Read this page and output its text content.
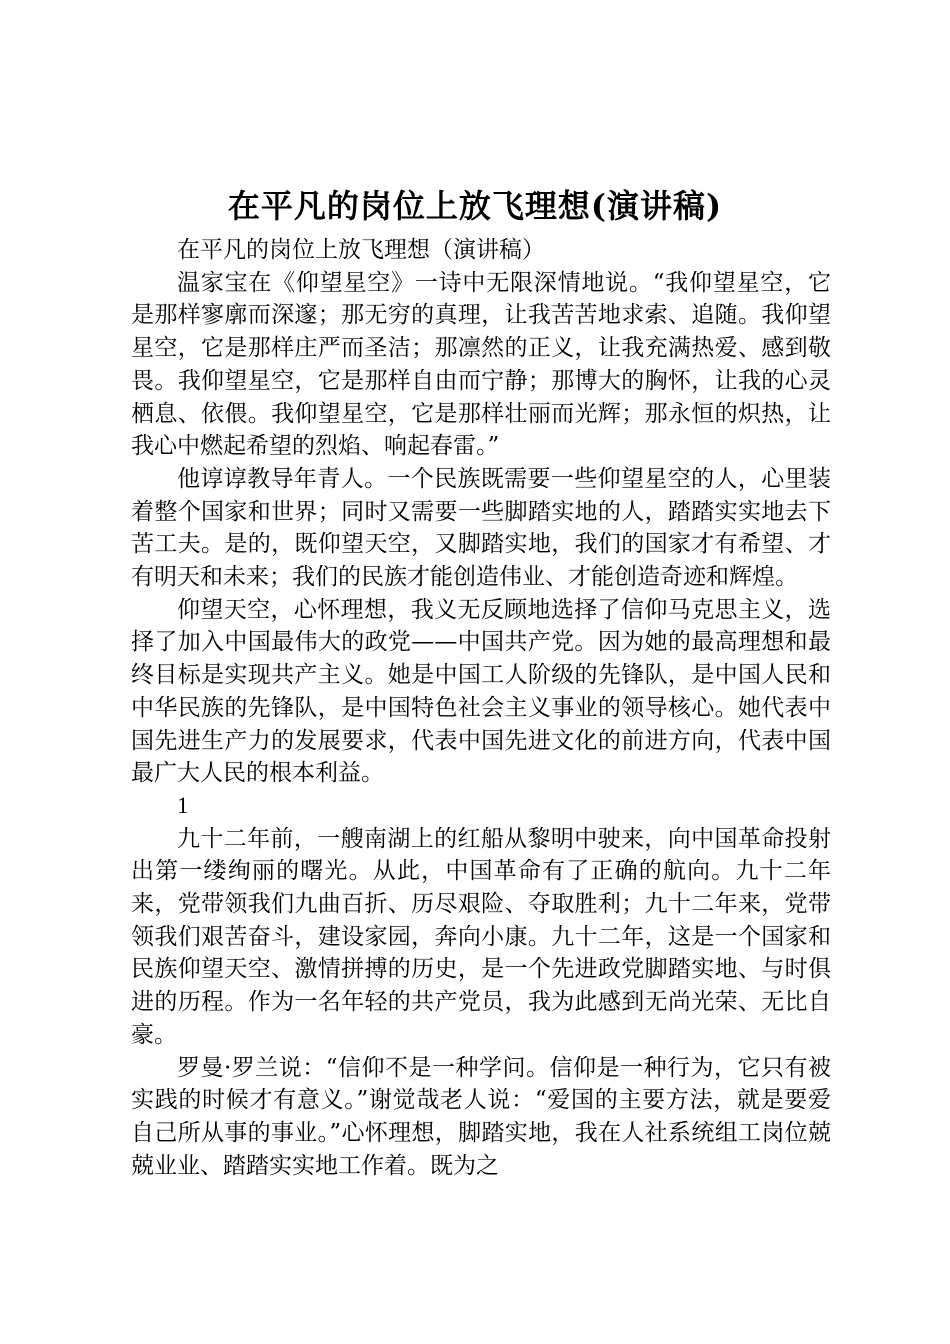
在平凡的岗位上放飞理想(演讲稿)

在平凡的岗位上放飞理想（演讲稿）

温家宝在《仰望星空》一诗中无限深情地说。“我仰望星空，它是那样寥廓而深邃；那无穷的真理，让我苦苦地求索、追随。我仰望星空，它是那样庄严而圣洁；那凛然的正义，让我充满热爱、感到敬畏。我仰望星空，它是那样自由而宁静；那博大的胸怀，让我的心灵栖息、依偎。我仰望星空，它是那样壮丽而光辉；那永恒的炽热，让我心中燃起希望的烈焰、响起春雷。”

他谆谆教导年青人。一个民族既需要一些仰望星空的人，心里装着整个国家和世界；同时又需要一些脚踏实地的人，踏踏实实地去下苦工夫。是的，既仰望天空，又脚踏实地，我们的国家才有希望、才有明天和未来；我们的民族才能创造伟业、才能创造奇迹和辉煌。

仰望天空，心怀理想，我义无反顾地选择了信仰马克思主义，选择了加入中国最伟大的政党——中国共产党。因为她的最高理想和最终目标是实现共产主义。她是中国工人阶级的先锋队，是中国人民和中华民族的先锋队，是中国特色社会主义事业的领导核心。她代表中国先进生产力的发展要求，代表中国先进文化的前进方向，代表中国最广大人民的根本利益。

1

九十二年前，一艘南湖上的红船从黎明中驶来，向中国革命投射出第一缕绚丽的曙光。从此，中国革命有了正确的航向。九十二年来，党带领我们九曲百折、历尽艰险、夺取胜利；九十二年来，党带领我们艰苦奋斗，建设家园，奔向小康。九十二年，这是一个国家和民族仰望天空、激情拼搏的历史，是一个先进政党脚踏实地、与时俱进的历程。作为一名年轻的共产党员，我为此感到无尚光荣、无比自豪。

罗曼·罗兰说：“信仰不是一种学问。信仰是一种行为，它只有被实践的时候才有意义。”谢觉哉老人说：“爱国的主要方法，就是要爱自己所从事的事业。”心怀理想，脚踏实地，我在人社系统组工岗位兢兢业业、踏踏实实地工作着。既为之
